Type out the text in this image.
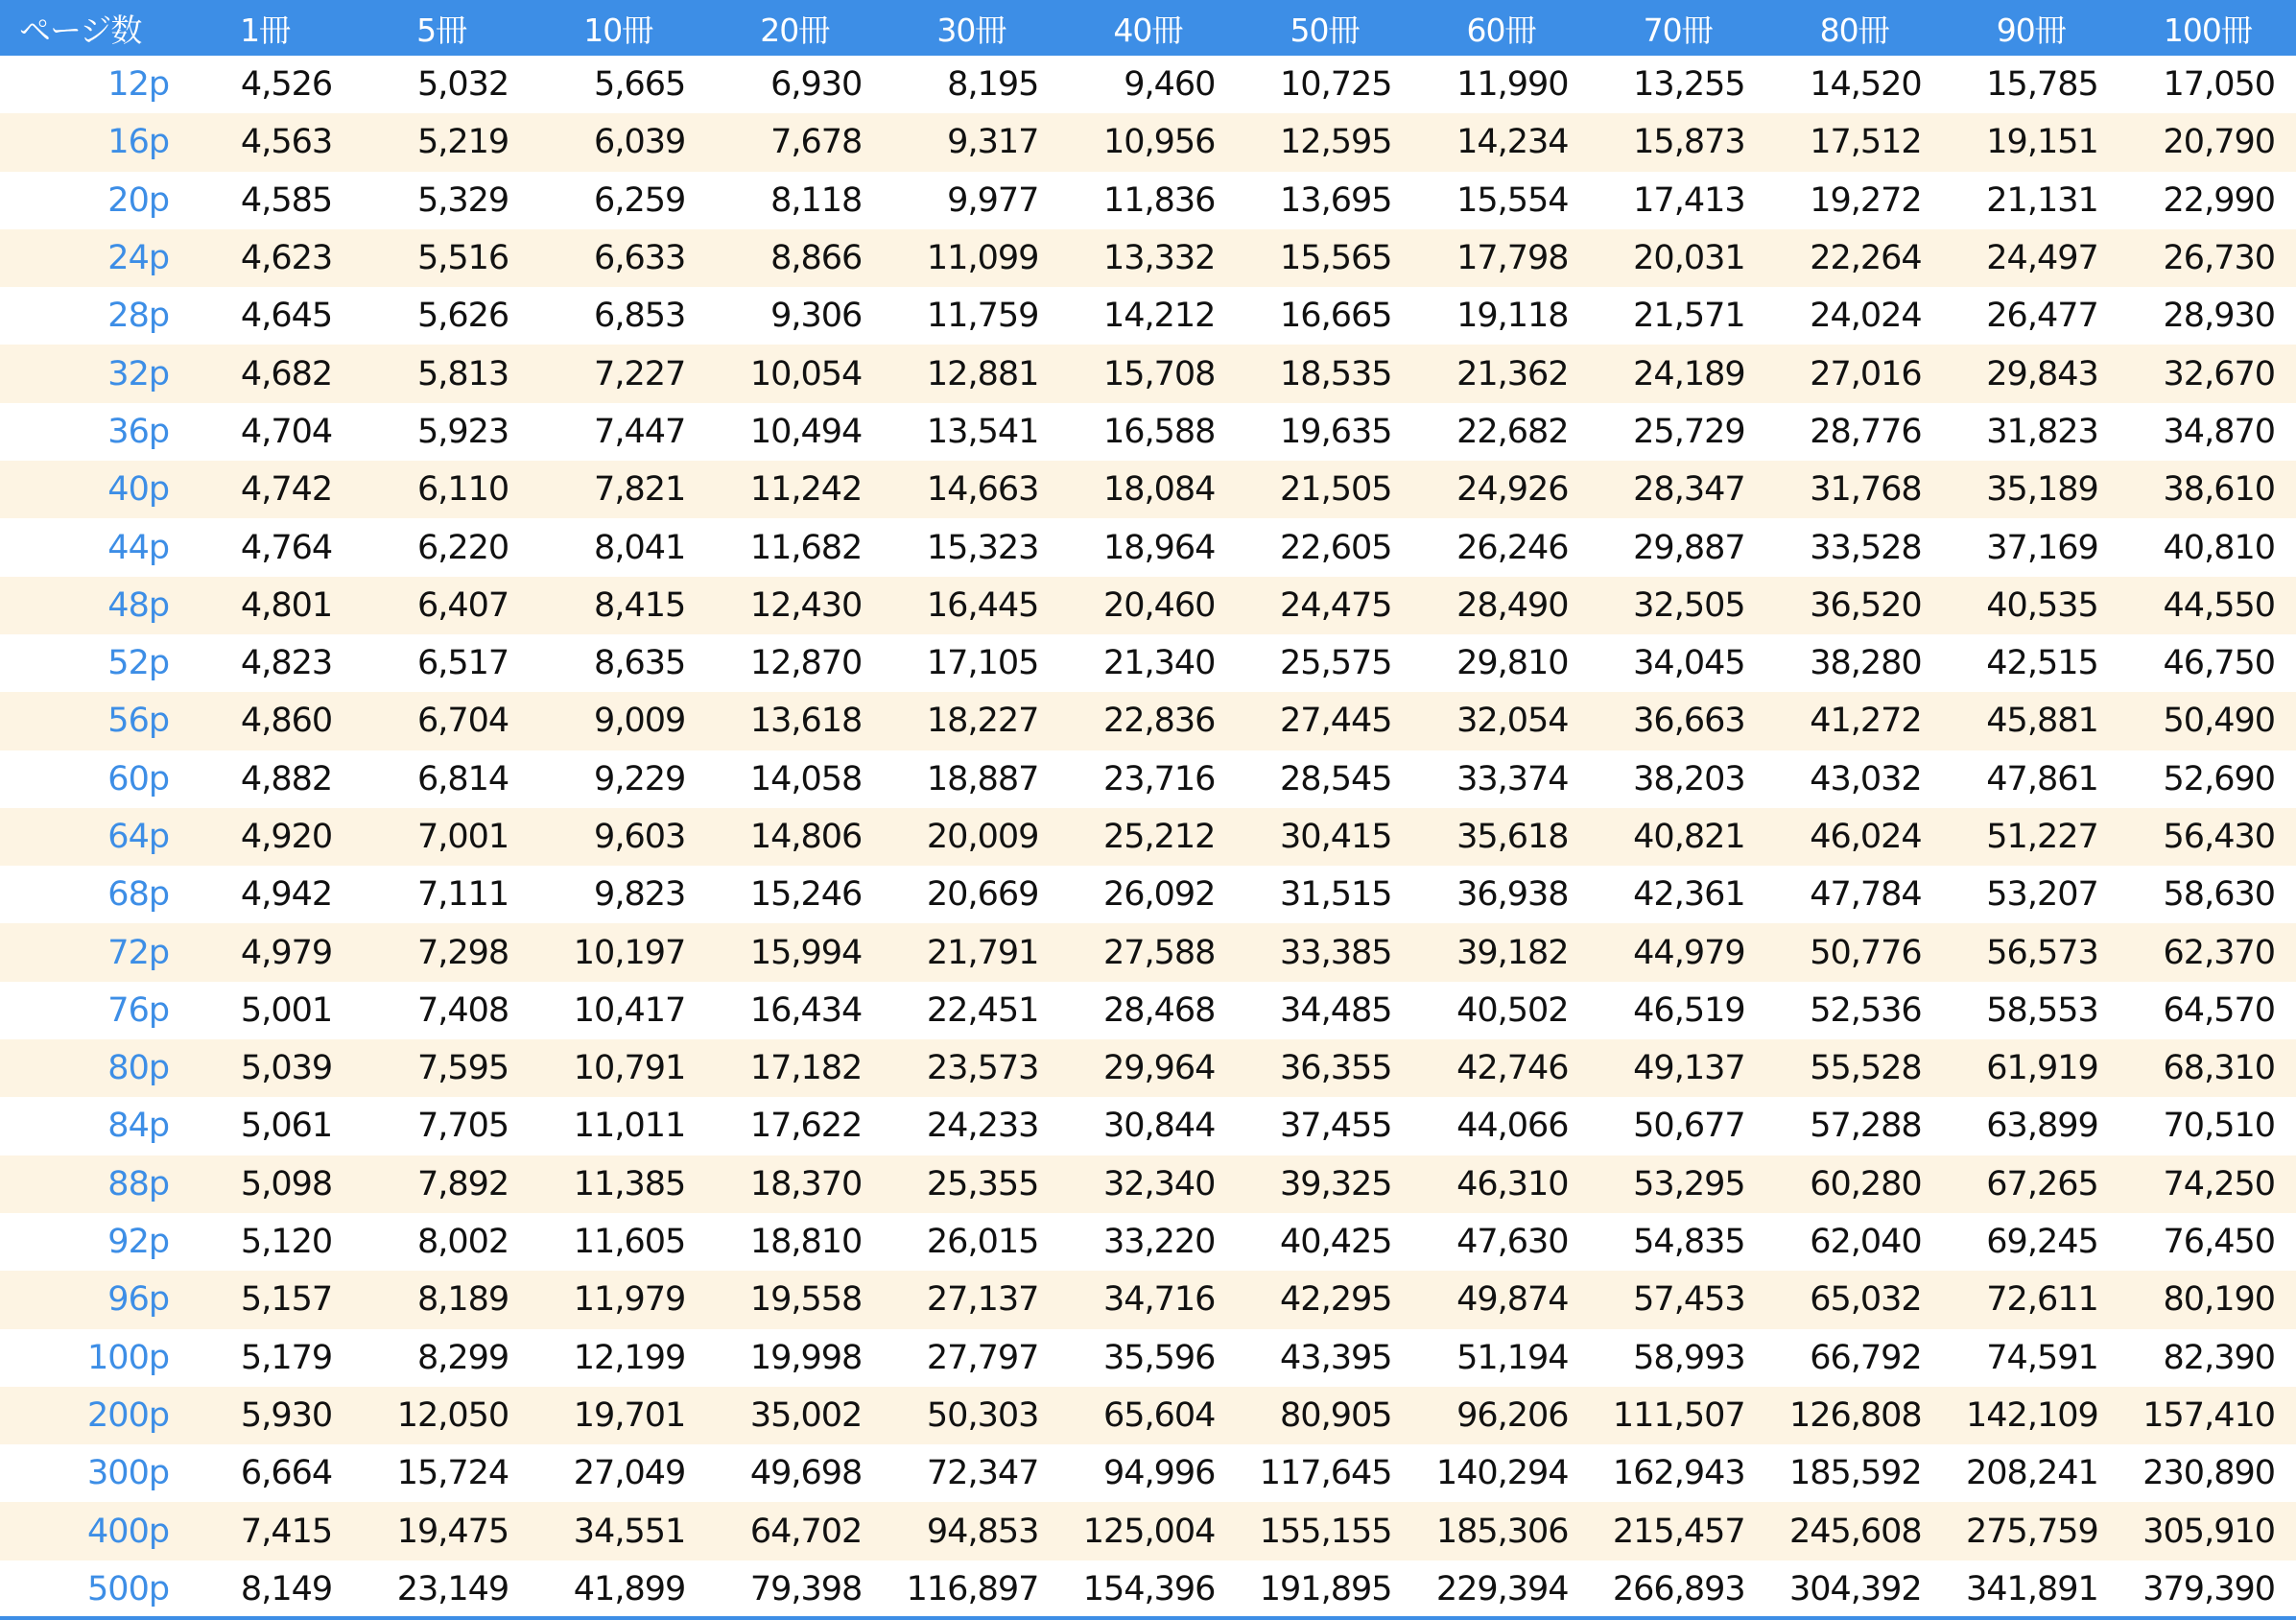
ページ数	1冊	5冊	10冊	20冊	30冊	40冊	50冊	60冊	70冊	80冊	90冊	100冊
12p	4,526	5,032	5,665	6,930	8,195	9,460	10,725	11,990	13,255	14,520	15,785	17,050
16p	4,563	5,219	6,039	7,678	9,317	10,956	12,595	14,234	15,873	17,512	19,151	20,790
20p	4,585	5,329	6,259	8,118	9,977	11,836	13,695	15,554	17,413	19,272	21,131	22,990
24p	4,623	5,516	6,633	8,866	11,099	13,332	15,565	17,798	20,031	22,264	24,497	26,730
28p	4,645	5,626	6,853	9,306	11,759	14,212	16,665	19,118	21,571	24,024	26,477	28,930
32p	4,682	5,813	7,227	10,054	12,881	15,708	18,535	21,362	24,189	27,016	29,843	32,670
36p	4,704	5,923	7,447	10,494	13,541	16,588	19,635	22,682	25,729	28,776	31,823	34,870
40p	4,742	6,110	7,821	11,242	14,663	18,084	21,505	24,926	28,347	31,768	35,189	38,610
44p	4,764	6,220	8,041	11,682	15,323	18,964	22,605	26,246	29,887	33,528	37,169	40,810
48p	4,801	6,407	8,415	12,430	16,445	20,460	24,475	28,490	32,505	36,520	40,535	44,550
52p	4,823	6,517	8,635	12,870	17,105	21,340	25,575	29,810	34,045	38,280	42,515	46,750
56p	4,860	6,704	9,009	13,618	18,227	22,836	27,445	32,054	36,663	41,272	45,881	50,490
60p	4,882	6,814	9,229	14,058	18,887	23,716	28,545	33,374	38,203	43,032	47,861	52,690
64p	4,920	7,001	9,603	14,806	20,009	25,212	30,415	35,618	40,821	46,024	51,227	56,430
68p	4,942	7,111	9,823	15,246	20,669	26,092	31,515	36,938	42,361	47,784	53,207	58,630
72p	4,979	7,298	10,197	15,994	21,791	27,588	33,385	39,182	44,979	50,776	56,573	62,370
76p	5,001	7,408	10,417	16,434	22,451	28,468	34,485	40,502	46,519	52,536	58,553	64,570
80p	5,039	7,595	10,791	17,182	23,573	29,964	36,355	42,746	49,137	55,528	61,919	68,310
84p	5,061	7,705	11,011	17,622	24,233	30,844	37,455	44,066	50,677	57,288	63,899	70,510
88p	5,098	7,892	11,385	18,370	25,355	32,340	39,325	46,310	53,295	60,280	67,265	74,250
92p	5,120	8,002	11,605	18,810	26,015	33,220	40,425	47,630	54,835	62,040	69,245	76,450
96p	5,157	8,189	11,979	19,558	27,137	34,716	42,295	49,874	57,453	65,032	72,611	80,190
100p	5,179	8,299	12,199	19,998	27,797	35,596	43,395	51,194	58,993	66,792	74,591	82,390
200p	5,930	12,050	19,701	35,002	50,303	65,604	80,905	96,206	111,507	126,808	142,109	157,410
300p	6,664	15,724	27,049	49,698	72,347	94,996	117,645	140,294	162,943	185,592	208,241	230,890
400p	7,415	19,475	34,551	64,702	94,853	125,004	155,155	185,306	215,457	245,608	275,759	305,910
500p	8,149	23,149	41,899	79,398	116,897	154,396	191,895	229,394	266,893	304,392	341,891	379,390
